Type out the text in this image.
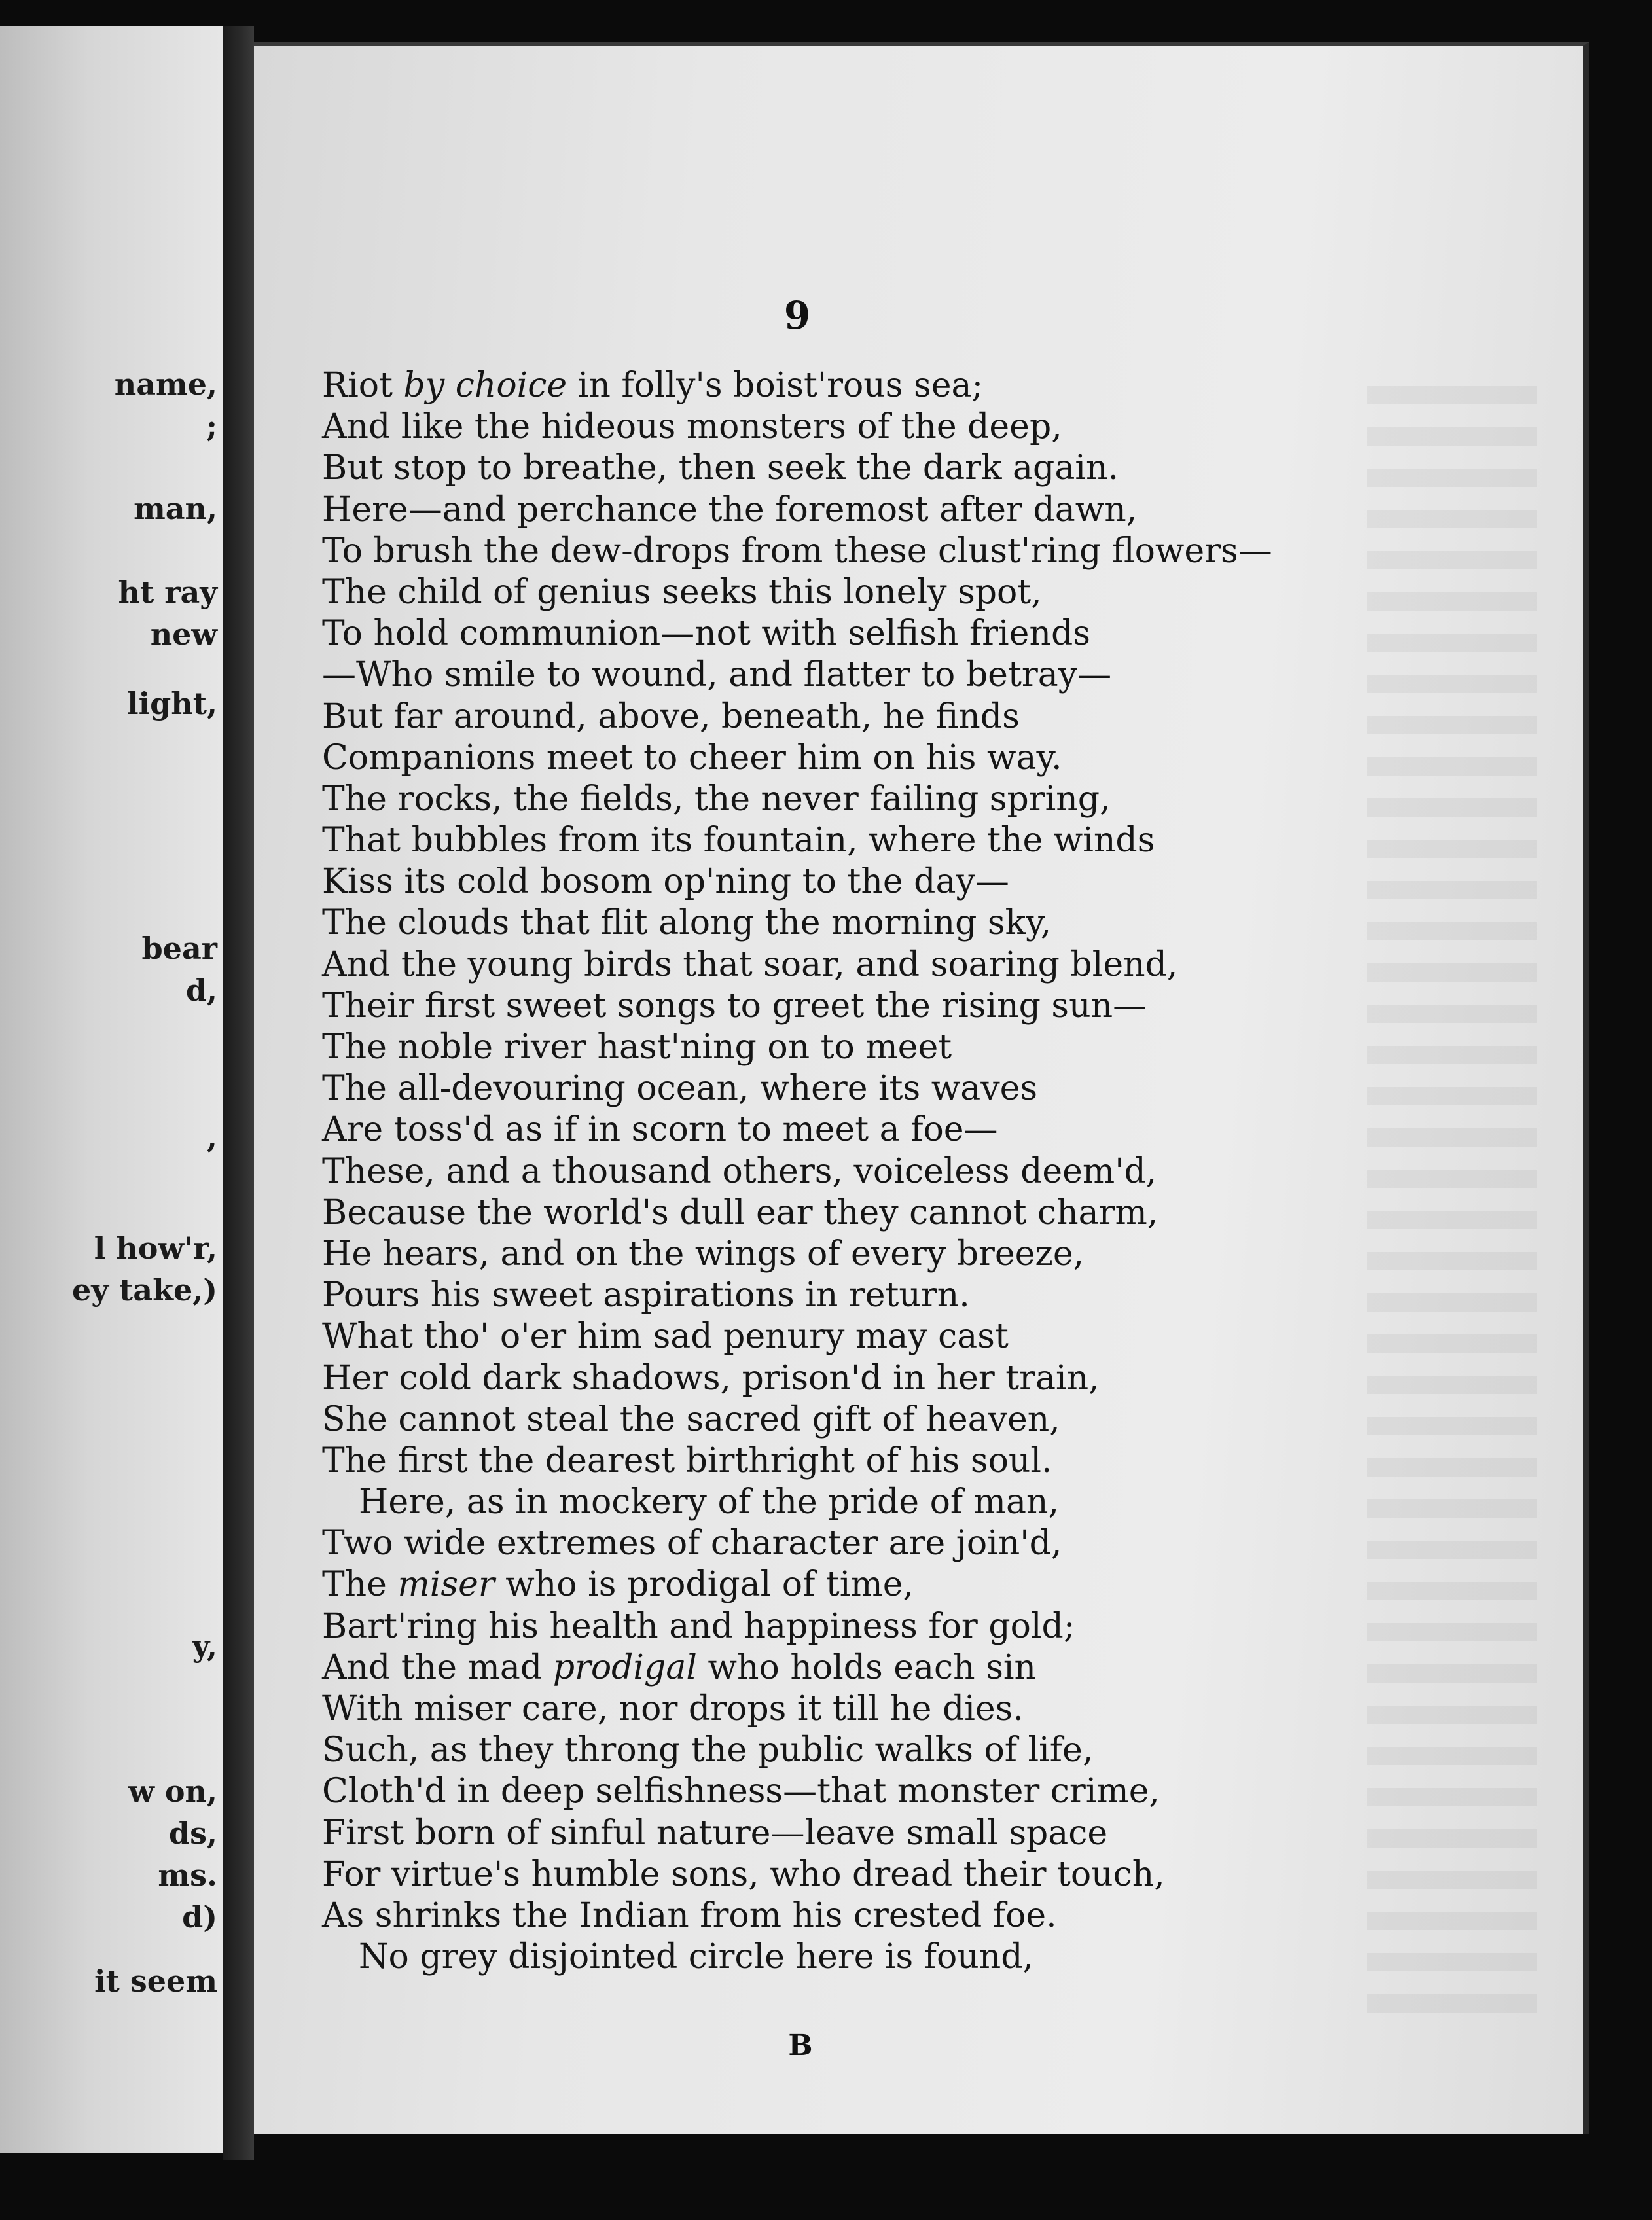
name,
;
man,
ht ray
new
light,
bear
d,
,
l how'r,
ey take,)
y,
w on,
ds,
ms.
d)
it seem
9
Riot by choice in folly's boist'rous sea;
And like the hideous monsters of the deep,
But stop to breathe, then seek the dark again.
Here—and perchance the foremost after dawn,
To brush the dew-drops from these clust'ring flowers—
The child of genius seeks this lonely spot,
To hold communion—not with selfish friends
—Who smile to wound, and flatter to betray—
But far around, above, beneath, he finds
Companions meet to cheer him on his way.
The rocks, the fields, the never failing spring,
That bubbles from its fountain, where the winds
Kiss its cold bosom op'ning to the day—
The clouds that flit along the morning sky,
And the young birds that soar, and soaring blend,
Their first sweet songs to greet the rising sun—
The noble river hast'ning on to meet
The all-devouring ocean, where its waves
Are toss'd as if in scorn to meet a foe—
These, and a thousand others, voiceless deem'd,
Because the world's dull ear they cannot charm,
He hears, and on the wings of every breeze,
Pours his sweet aspirations in return.
What tho' o'er him sad penury may cast
Her cold dark shadows, prison'd in her train,
She cannot steal the sacred gift of heaven,
The first the dearest birthright of his soul.
Here, as in mockery of the pride of man,
Two wide extremes of character are join'd,
The miser who is prodigal of time,
Bart'ring his health and happiness for gold;
And the mad prodigal who holds each sin
With miser care, nor drops it till he dies.
Such, as they throng the public walks of life,
Cloth'd in deep selfishness—that monster crime,
First born of sinful nature—leave small space
For virtue's humble sons, who dread their touch,
As shrinks the Indian from his crested foe.
No grey disjointed circle here is found,
B
